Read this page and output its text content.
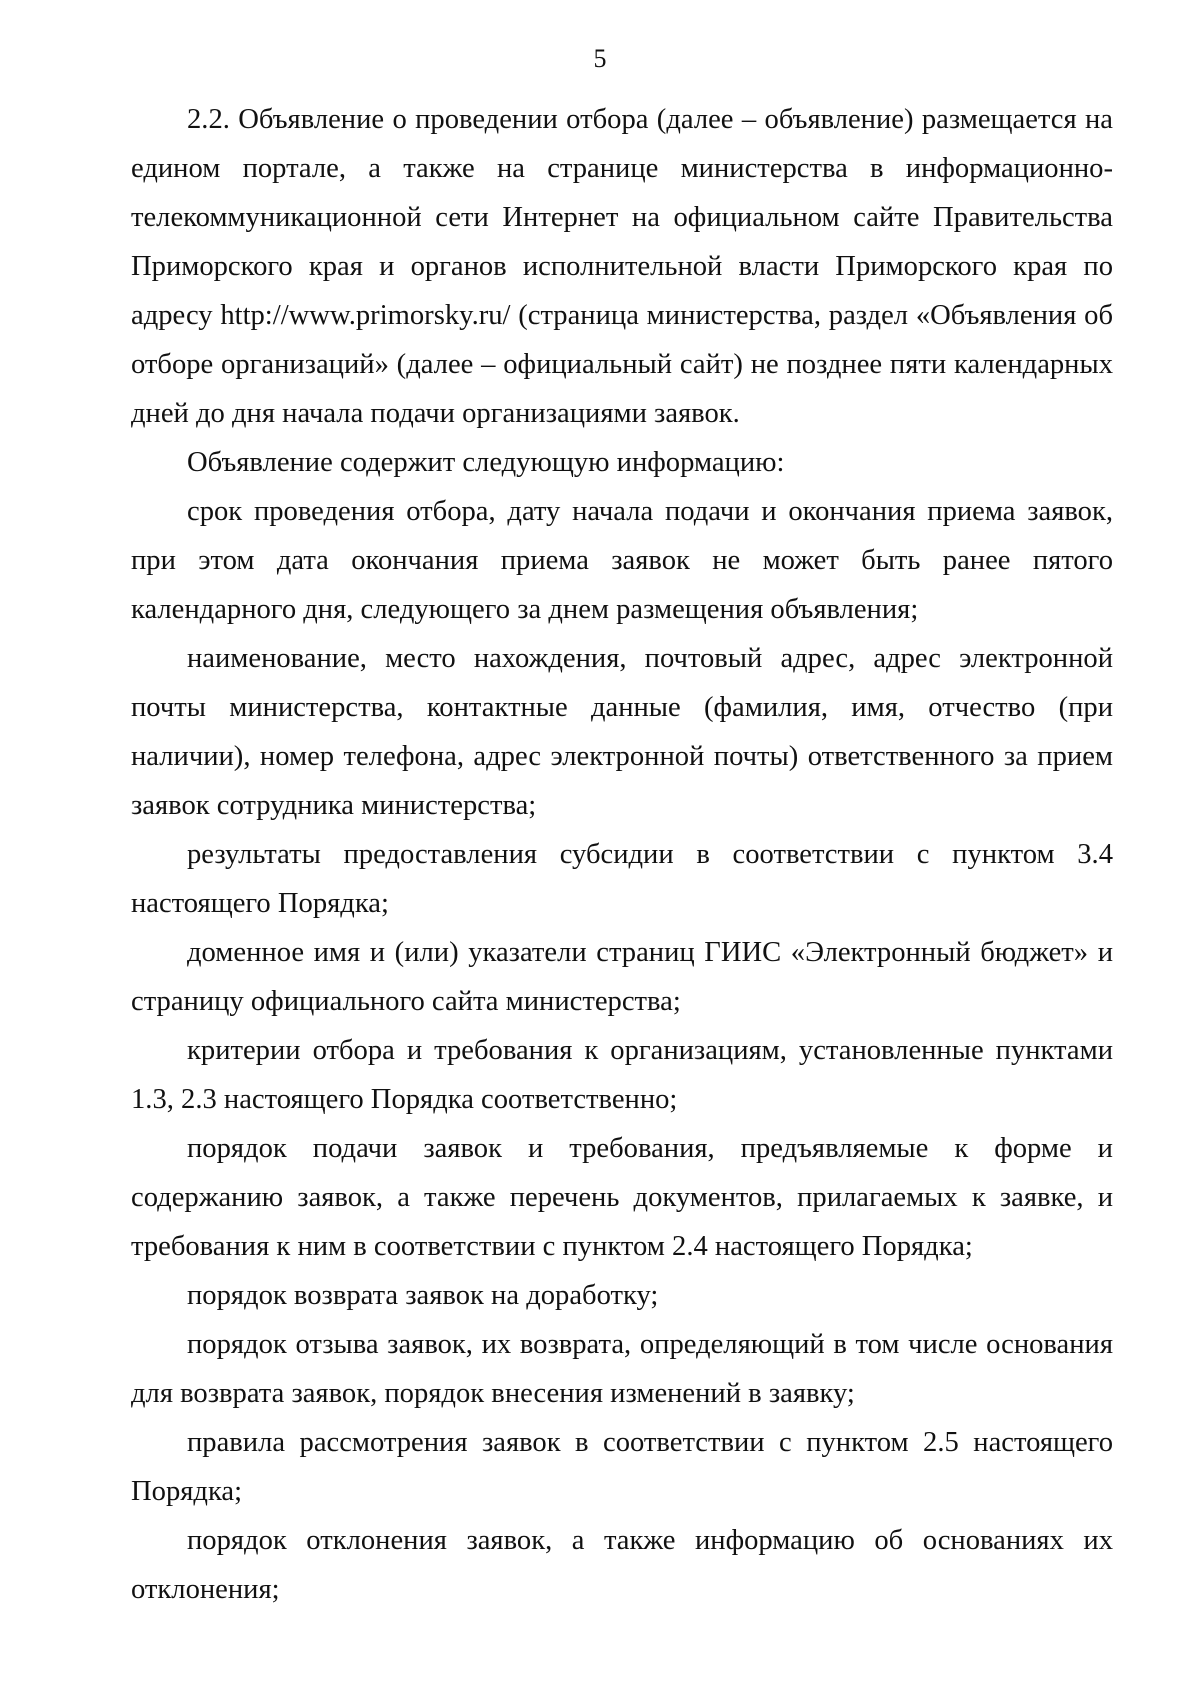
5

2.2. Объявление о проведении отбора (далее – объявление) размещается на едином портале, а также на странице министерства в информационно-телекоммуникационной сети Интернет на официальном сайте Правительства Приморского края и органов исполнительной власти Приморского края по адресу http://www.primorsky.ru/ (страница министерства, раздел «Объявления об отборе организаций» (далее – официальный сайт) не позднее пяти календарных дней до дня начала подачи организациями заявок.

Объявление содержит следующую информацию:

срок проведения отбора, дату начала подачи и окончания приема заявок, при этом дата окончания приема заявок не может быть ранее пятого календарного дня, следующего за днем размещения объявления;

наименование, место нахождения, почтовый адрес, адрес электронной почты министерства, контактные данные (фамилия, имя, отчество (при наличии), номер телефона, адрес электронной почты) ответственного за прием заявок сотрудника министерства;

результаты предоставления субсидии в соответствии с пунктом 3.4 настоящего Порядка;

доменное имя и (или) указатели страниц ГИИС «Электронный бюджет» и страницу официального сайта министерства;

критерии отбора и требования к организациям, установленные пунктами 1.3, 2.3 настоящего Порядка соответственно;

порядок подачи заявок и требования, предъявляемые к форме и содержанию заявок, а также перечень документов, прилагаемых к заявке, и требования к ним в соответствии с пунктом 2.4 настоящего Порядка;

порядок возврата заявок на доработку;

порядок отзыва заявок, их возврата, определяющий в том числе основания для возврата заявок, порядок внесения изменений в заявку;

правила рассмотрения заявок в соответствии с пунктом 2.5 настоящего Порядка;

порядок отклонения заявок, а также информацию об основаниях их отклонения;
